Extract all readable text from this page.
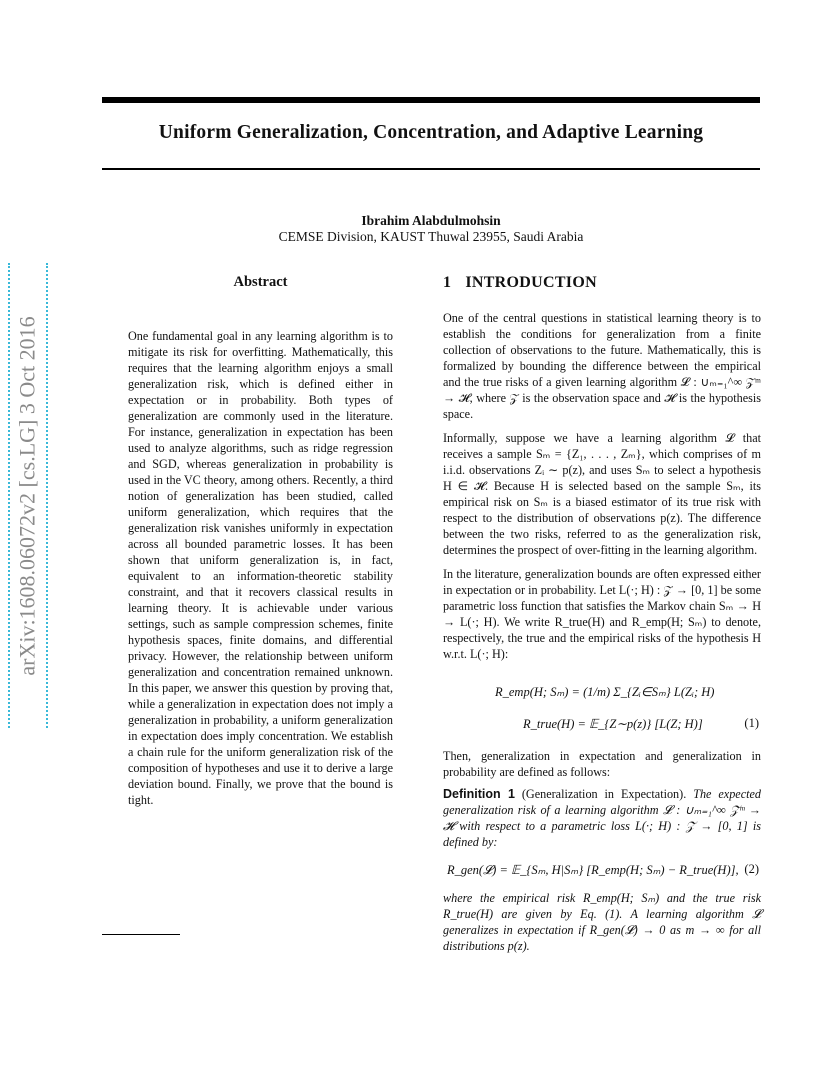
Uniform Generalization, Concentration, and Adaptive Learning
Ibrahim Alabdulmohsin
CEMSE Division, KAUST Thuwal 23955, Saudi Arabia
arXiv:1608.06072v2 [cs.LG] 3 Oct 2016
Abstract

One fundamental goal in any learning algorithm is to mitigate its risk for overfitting. Mathematically, this requires that the learning algorithm enjoys a small generalization risk, which is defined either in expectation or in probability. Both types of generalization are commonly used in the literature. For instance, generalization in expectation has been used to analyze algorithms, such as ridge regression and SGD, whereas generalization in probability is used in the VC theory, among others. Recently, a third notion of generalization has been studied, called uniform generalization, which requires that the generalization risk vanishes uniformly in expectation across all bounded parametric losses. It has been shown that uniform generalization is, in fact, equivalent to an information-theoretic stability constraint, and that it recovers classical results in learning theory. It is achievable under various settings, such as sample compression schemes, finite hypothesis spaces, finite domains, and differential privacy. However, the relationship between uniform generalization and concentration remained unknown. In this paper, we answer this question by proving that, while a generalization in expectation does not imply a generalization in probability, a uniform generalization in expectation does imply concentration. We establish a chain rule for the uniform generalization risk of the composition of hypotheses and use it to derive a large deviation bound. Finally, we prove that the bound is tight.

1 INTRODUCTION

One of the central questions in statistical learning theory is to establish the conditions for generalization from a finite collection of observations to the future. Mathematically, this is formalized by bounding the difference between the empirical and the true risks of a given learning algorithm 𝓛 : ∪ₘ₌₁^∞ 𝒵ᵐ → 𝓗, where 𝒵 is the observation space and 𝓗 is the hypothesis space.

Informally, suppose we have a learning algorithm 𝓛 that receives a sample Sₘ = {Z₁, . . . , Zₘ}, which comprises of m i.i.d. observations Zᵢ ∼ p(z), and uses Sₘ to select a hypothesis H ∈ 𝓗. Because H is selected based on the sample Sₘ, its empirical risk on Sₘ is a biased estimator of its true risk with respect to the distribution of observations p(z). The difference between the two risks, referred to as the generalization risk, determines the prospect of over-fitting in the learning algorithm.

In the literature, generalization bounds are often expressed either in expectation or in probability. Let L(·; H) : 𝒵 → [0, 1] be some parametric loss function that satisfies the Markov chain Sₘ → H → L(·; H). We write R_true(H) and R_emp(H; Sₘ) to denote, respectively, the true and the empirical risks of the hypothesis H w.r.t. L(·; H):

R_emp(H; Sₘ) = (1/m) Σ_{Zᵢ∈Sₘ} L(Zᵢ; H)
R_true(H) = 𝔼_{Z∼p(z)} [L(Z; H)]	(1)

Then, generalization in expectation and generalization in probability are defined as follows:

Definition 1 (Generalization in Expectation). The expected generalization risk of a learning algorithm 𝓛 : ∪ₘ₌₁^∞ 𝒵ᵐ → 𝓗 with respect to a parametric loss L(·; H) : 𝒵 → [0, 1] is defined by:

R_gen(𝓛) = 𝔼_{Sₘ, H|Sₘ} [R_emp(H; Sₘ) − R_true(H)], (2)

where the empirical risk R_emp(H; Sₘ) and the true risk R_true(H) are given by Eq. (1). A learning algorithm 𝓛 generalizes in expectation if R_gen(𝓛) → 0 as m → ∞ for all distributions p(z).
